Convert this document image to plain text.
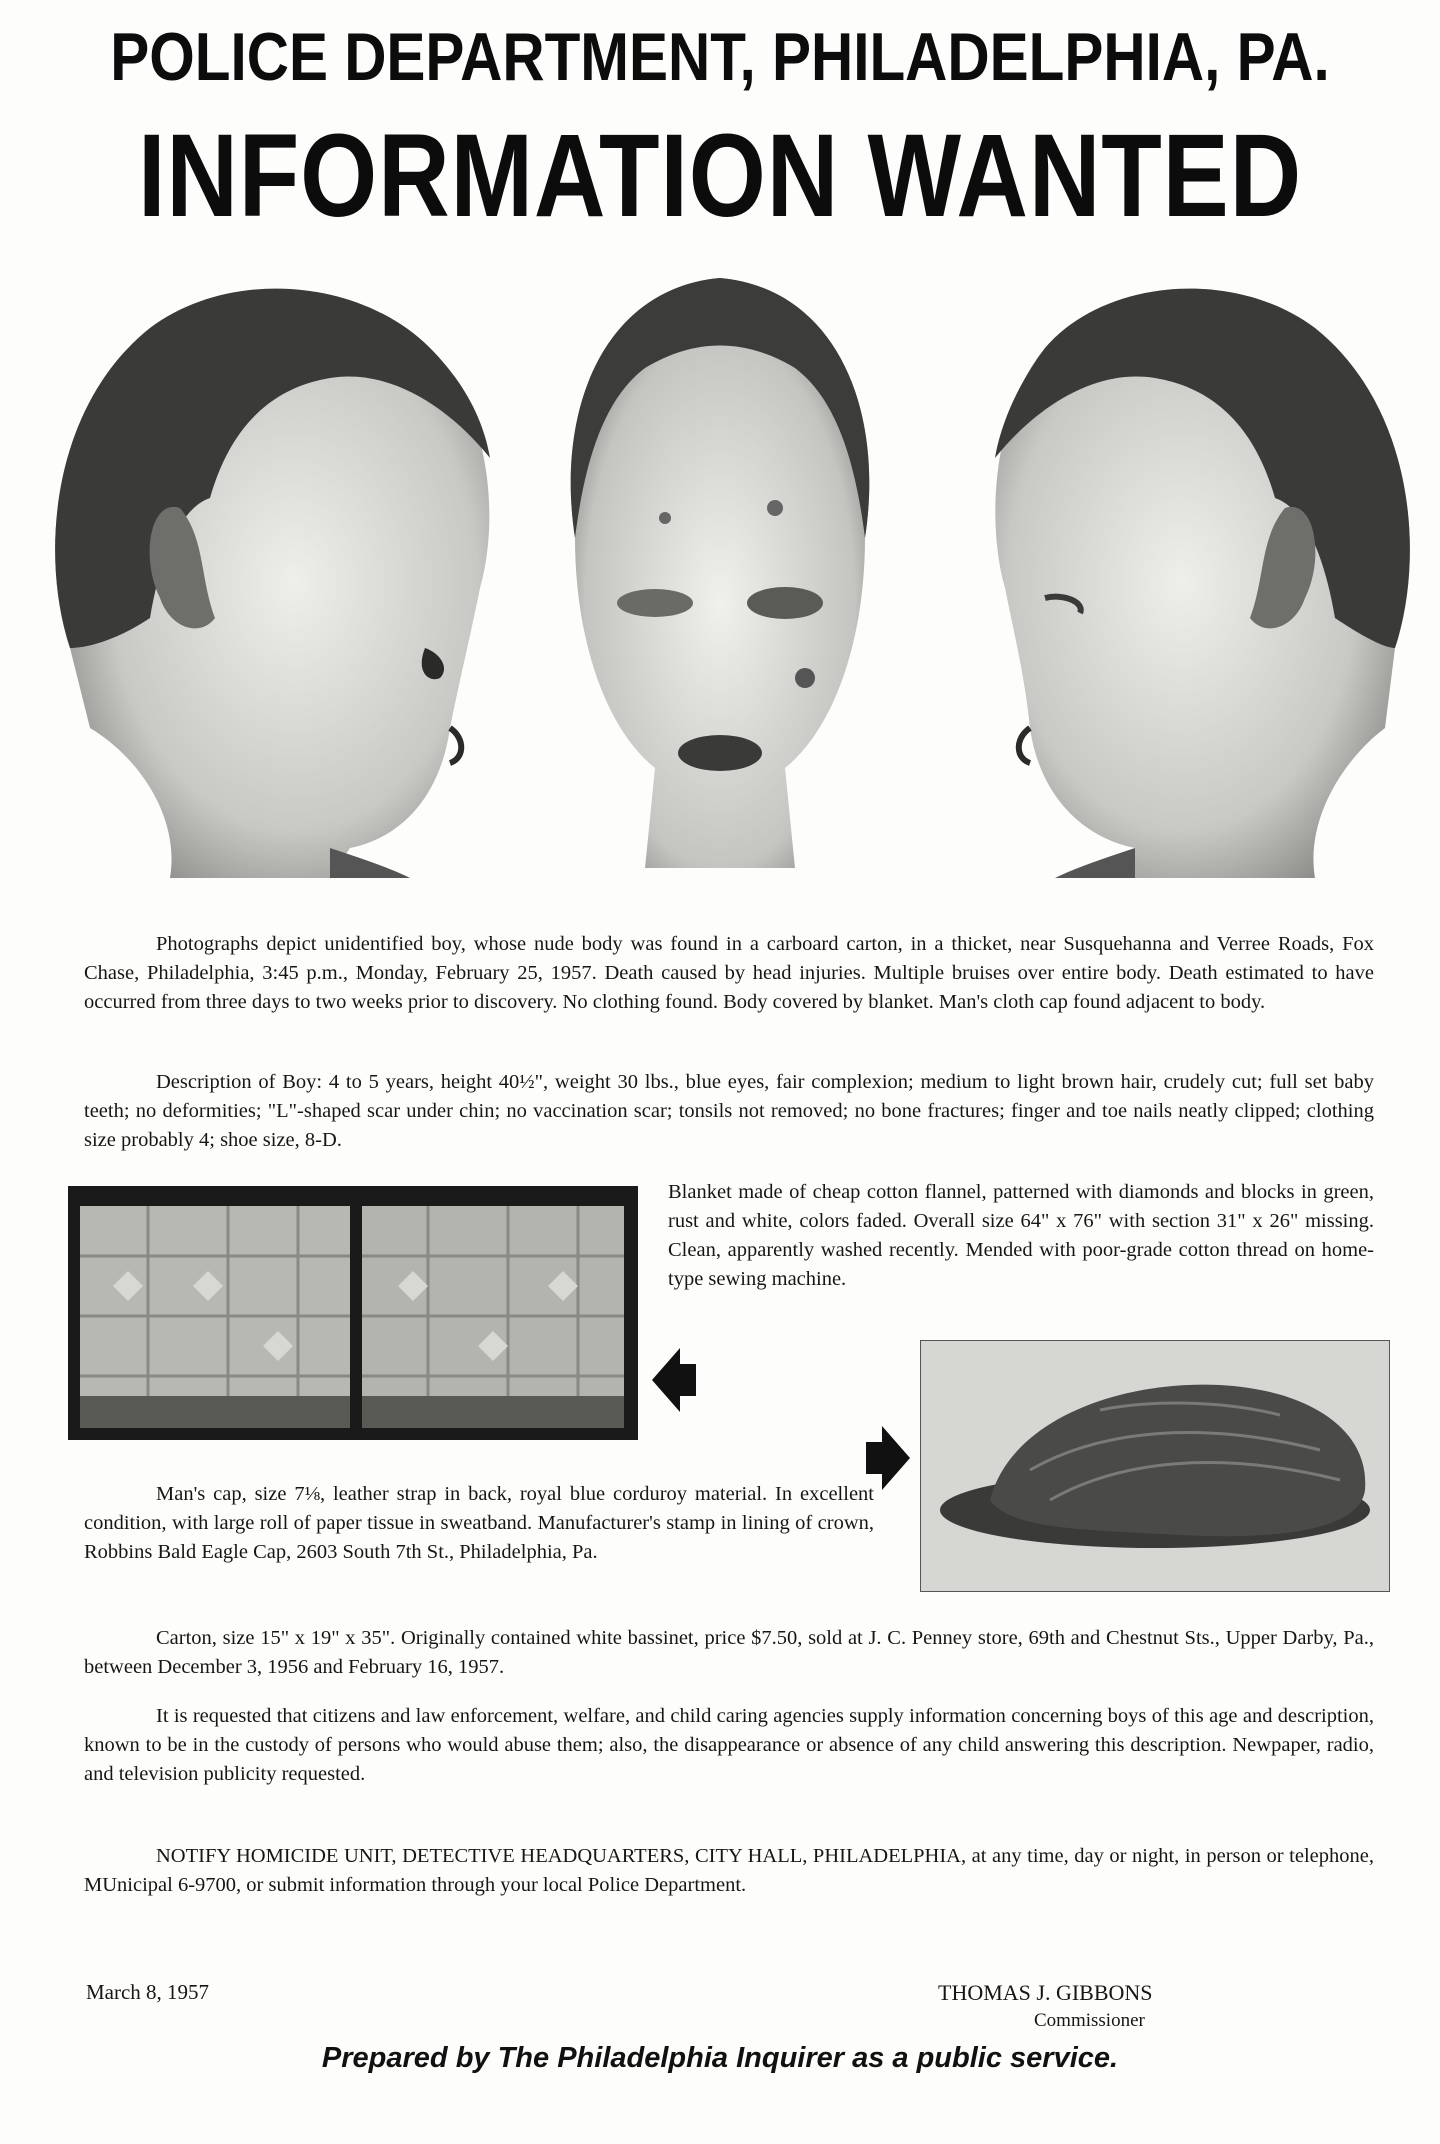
POLICE DEPARTMENT, PHILADELPHIA, PA.
INFORMATION WANTED
Photographs depict unidentified boy, whose nude body was found in a carboard carton, in a thicket, near Susquehanna and Verree Roads, Fox Chase, Philadelphia, 3:45 p.m., Monday, February 25, 1957. Death caused by head injuries. Multiple bruises over entire body. Death estimated to have occurred from three days to two weeks prior to discovery. No clothing found. Body covered by blanket. Man's cloth cap found adjacent to body.
Description of Boy: 4 to 5 years, height 40½", weight 30 lbs., blue eyes, fair complexion; medium to light brown hair, crudely cut; full set baby teeth; no deformities; "L"-shaped scar under chin; no vaccination scar; tonsils not removed; no bone fractures; finger and toe nails neatly clipped; clothing size probably 4; shoe size, 8-D.
Blanket made of cheap cotton flannel, patterned with diamonds and blocks in green, rust and white, colors faded. Overall size 64" x 76" with section 31" x 26" missing. Clean, apparently washed recently. Mended with poor-grade cotton thread on home-type sewing machine.
Man's cap, size 7⅛, leather strap in back, royal blue corduroy material. In excellent condition, with large roll of paper tissue in sweatband. Manufacturer's stamp in lining of crown, Robbins Bald Eagle Cap, 2603 South 7th St., Philadelphia, Pa.
Carton, size 15" x 19" x 35". Originally contained white bassinet, price $7.50, sold at J. C. Penney store, 69th and Chestnut Sts., Upper Darby, Pa., between December 3, 1956 and February 16, 1957.
It is requested that citizens and law enforcement, welfare, and child caring agencies supply information concerning boys of this age and description, known to be in the custody of persons who would abuse them; also, the disappearance or absence of any child answering this description. Newpaper, radio, and television publicity requested.
NOTIFY HOMICIDE UNIT, DETECTIVE HEADQUARTERS, CITY HALL, PHILADELPHIA, at any time, day or night, in person or telephone, MUnicipal 6-9700, or submit information through your local Police Department.
March 8, 1957	THOMAS J. GIBBONS
Commissioner
Prepared by The Philadelphia Inquirer as a public service.
